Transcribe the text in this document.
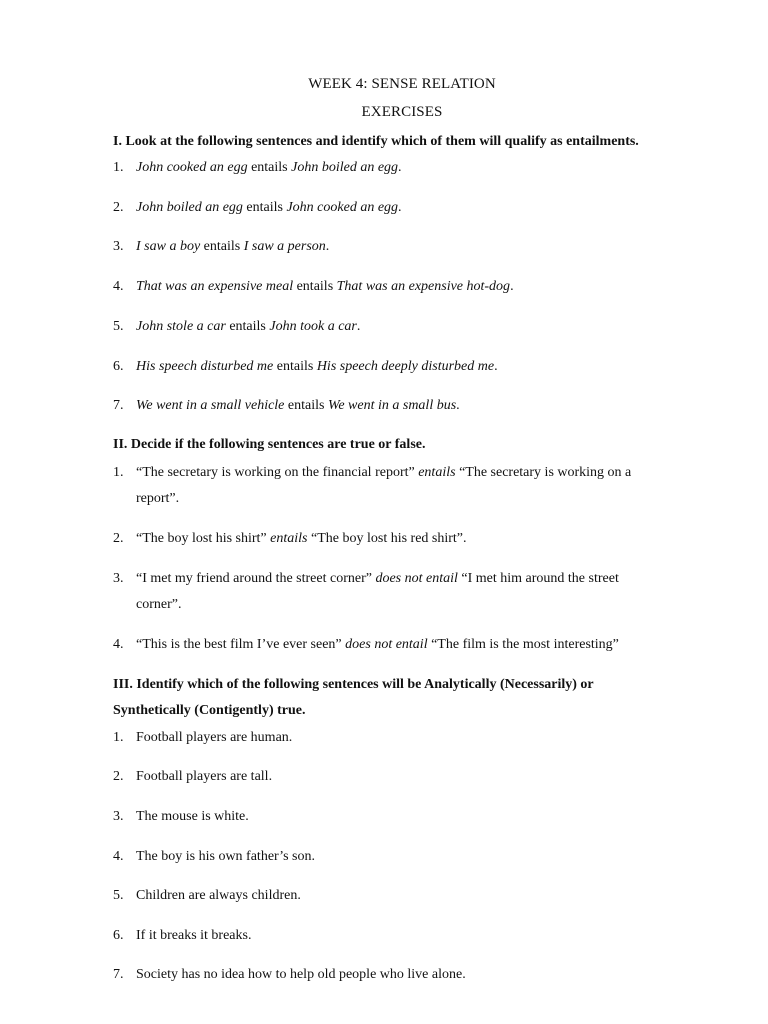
WEEK 4: SENSE RELATION
EXERCISES
I. Look at the following sentences and identify which of them will qualify as entailments.
1. John cooked an egg entails John boiled an egg.
2. John boiled an egg entails John cooked an egg.
3. I saw a boy entails I saw a person.
4. That was an expensive meal entails That was an expensive hot-dog.
5. John stole a car entails John took a car.
6. His speech disturbed me entails His speech deeply disturbed me.
7. We went in a small vehicle entails We went in a small bus.
II. Decide if the following sentences are true or false.
1. “The secretary is working on the financial report” entails “The secretary is working on a
report”.
2. “The boy lost his shirt” entails “The boy lost his red shirt”.
3. “I met my friend around the street corner” does not entail “I met him around the street
corner”.
4. “This is the best film I’ve ever seen” does not entail “The film is the most interesting”
III. Identify which of the following sentences will be Analytically (Necessarily) or
Synthetically (Contigently) true.
1. Football players are human.
2. Football players are tall.
3. The mouse is white.
4. The boy is his own father’s son.
5. Children are always children.
6. If it breaks it breaks.
7. Society has no idea how to help old people who live alone.
